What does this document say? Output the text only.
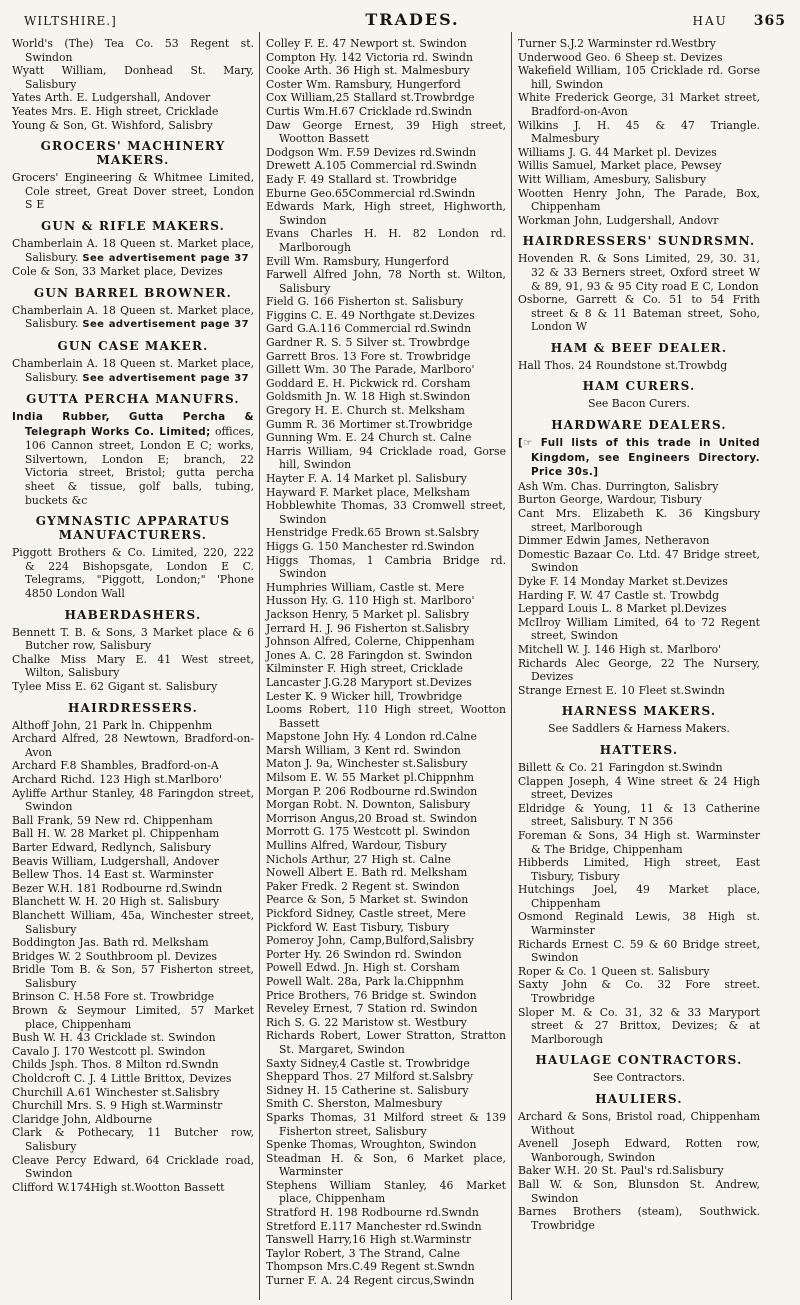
WILTSHIRE.]	TRADES.	HAU 365
World's (The) Tea Co. 53 Regent st. Swindon
Wyatt William, Donhead St. Mary, Salisbury
Yates Arth. E. Ludgershall, Andover
Yeates Mrs. E. High street, Cricklade
Young & Son, Gt. Wishford, Salisbry
GROCERS' MACHINERY MAKERS.
Grocers' Engineering & Whitmee Limited, Cole street, Great Dover street, London S E
GUN & RIFLE MAKERS.
Chamberlain A. 18 Queen st. Market place, Salisbury. See advertisement page 37
Cole & Son, 33 Market place, Devizes
GUN BARREL BROWNER.
Chamberlain A. 18 Queen st. Market place, Salisbury. See advertisement page 37
GUN CASE MAKER.
Chamberlain A. 18 Queen st. Market place, Salisbury. See advertisement page 37
GUTTA PERCHA MANUFRS.
India Rubber, Gutta Percha & Telegraph Works Co. Limited; offices, 106 Cannon street, London E C; works, Silvertown, London E; branch, 22 Victoria street, Bristol; gutta percha sheet & tissue, golf balls, tubing, buckets &c
GYMNASTIC APPARATUS MANUFACTURERS.
Piggott Brothers & Co. Limited, 220, 222 & 224 Bishopsgate, London E C. Telegrams, "Piggott, London;" 'Phone 4850 London Wall
HABERDASHERS.
Bennett T. B. & Sons, 3 Market place & 6 Butcher row, Salisbury
Chalke Miss Mary E. 41 West street, Wilton, Salisbury
Tylee Miss E. 62 Gigant st. Salisbury
HAIRDRESSERS.
Althoff John, 21 Park ln. Chippenhm
Archard Alfred, 28 Newtown, Bradford-on-Avon
Archard F.8 Shambles, Bradford-on-A
Archard Richd. 123 High st.Marlboro'
Ayliffe Arthur Stanley, 48 Faringdon street, Swindon
Ball Frank, 59 New rd. Chippenham
Ball H. W. 28 Market pl. Chippenham
Barter Edward, Redlynch, Salisbury
Beavis William, Ludgershall, Andover
Bellew Thos. 14 East st. Warminster
Bezer W.H. 181 Rodbourne rd.Swindn
Blanchett W. H. 20 High st. Salisbury
Blanchett William, 45a, Winchester street, Salisbury
Boddington Jas. Bath rd. Melksham
Bridges W. 2 Southbroom pl. Devizes
Bridle Tom B. & Son, 57 Fisherton street, Salisbury
Brinson C. H.58 Fore st. Trowbridge
Brown & Seymour Limited, 57 Market place, Chippenham
Bush W. H. 43 Cricklade st. Swindon
Cavalo J. 170 Westcott pl. Swindon
Childs Jsph. Thos. 8 Milton rd.Swndn
Choldcroft C. J. 4 Little Brittox, Devizes
Churchill A.61 Winchester st.Salisbry
Churchill Mrs. S. 9 High st.Warminstr
Claridge John, Aldbourne
Clark & Pothecary, 11 Butcher row, Salisbury
Cleave Percy Edward, 64 Cricklade road, Swindon
Clifford W.174High st.Wootton Bassett
Colley F. E. 47 Newport st. Swindon
Compton Hy. 142 Victoria rd. Swindn
Cooke Arth. 36 High st. Malmesbury
Coster Wm. Ramsbury, Hungerford
Cox William,25 Stallard st.Trowbrdge
Curtis Wm.H.67 Cricklade rd.Swindn
Daw George Ernest, 39 High street, Wootton Bassett
Dodgson Wm. F.59 Devizes rd.Swindn
Drewett A.105 Commercial rd.Swindn
Eady F. 49 Stallard st. Trowbridge
Eburne Geo.65Commercial rd.Swindn
Edwards Mark, High street, Highworth, Swindon
Evans Charles H. H. 82 London rd. Marlborough
Evill Wm. Ramsbury, Hungerford
Farwell Alfred John, 78 North st. Wilton, Salisbury
Field G. 166 Fisherton st. Salisbury
Figgins C. E. 49 Northgate st.Devizes
Gard G.A.116 Commercial rd.Swindn
Gardner R. S. 5 Silver st. Trowbrdge
Garrett Bros. 13 Fore st. Trowbridge
Gillett Wm. 30 The Parade, Marlboro'
Goddard E. H. Pickwick rd. Corsham
Goldsmith Jn. W. 18 High st.Swindon
Gregory H. E. Church st. Melksham
Gumm R. 36 Mortimer st.Trowbridge
Gunning Wm. E. 24 Church st. Calne
Harris William, 94 Cricklade road, Gorse hill, Swindon
Hayter F. A. 14 Market pl. Salisbury
Hayward F. Market place, Melksham
Hobblewhite Thomas, 33 Cromwell street, Swindon
Henstridge Fredk.65 Brown st.Salsbry
Higgs G. 150 Manchester rd.Swindon
Higgs Thomas, 1 Cambria Bridge rd. Swindon
Humphries William, Castle st. Mere
Husson Hy. G. 110 High st. Marlboro'
Jackson Henry, 5 Market pl. Salisbry
Jerrard H. J. 96 Fisherton st.Salisbry
Johnson Alfred, Colerne, Chippenham
Jones A. C. 28 Faringdon st. Swindon
Kilminster F. High street, Cricklade
Lancaster J.G.28 Maryport st.Devizes
Lester K. 9 Wicker hill, Trowbridge
Looms Robert, 110 High street, Wootton Bassett
Mapstone John Hy. 4 London rd.Calne
Marsh William, 3 Kent rd. Swindon
Maton J. 9a, Winchester st.Salisbury
Milsom E. W. 55 Market pl.Chippnhm
Morgan P. 206 Rodbourne rd.Swindon
Morgan Robt. N. Downton, Salisbury
Morrison Angus,20 Broad st. Swindon
Morrott G. 175 Westcott pl. Swindon
Mullins Alfred, Wardour, Tisbury
Nichols Arthur, 27 High st. Calne
Nowell Albert E. Bath rd. Melksham
Paker Fredk. 2 Regent st. Swindon
Pearce & Son, 5 Market st. Swindon
Pickford Sidney, Castle street, Mere
Pickford W. East Tisbury, Tisbury
Pomeroy John, Camp,Bulford,Salisbry
Porter Hy. 26 Swindon rd. Swindon
Powell Edwd. Jn. High st. Corsham
Powell Walt. 28a, Park la.Chippnhm
Price Brothers, 76 Bridge st. Swindon
Reveley Ernest, 7 Station rd. Swindon
Rich S. G. 22 Maristow st. Westbury
Richards Robert, Lower Stratton, Stratton St. Margaret, Swindon
Saxty Sidney,4 Castle st. Trowbridge
Sheppard Thos. 27 Milford st.Salsbry
Sidney H. 15 Catherine st. Salisbury
Smith C. Sherston, Malmesbury
Sparks Thomas, 31 Milford street & 139 Fisherton street, Salisbury
Spenke Thomas, Wroughton, Swindon
Steadman H. & Son, 6 Market place, Warminster
Stephens William Stanley, 46 Market place, Chippenham
Stratford H. 198 Rodbourne rd.Swndn
Stretford E.117 Manchester rd.Swindn
Tanswell Harry,16 High st.Warminstr
Taylor Robert, 3 The Strand, Calne
Thompson Mrs.C.49 Regent st.Swndn
Turner F. A. 24 Regent circus,Swindn
Turner S.J.2 Warminster rd.Westbry
Underwood Geo. 6 Sheep st. Devizes
Wakefield William, 105 Cricklade rd. Gorse hill, Swindon
White Frederick George, 31 Market street, Bradford-on-Avon
Wilkins J. H. 45 & 47 Triangle. Malmesbury
Williams J. G. 44 Market pl. Devizes
Willis Samuel, Market place, Pewsey
Witt William, Amesbury, Salisbury
Wootten Henry John, The Parade, Box, Chippenham
Workman John, Ludgershall, Andovr
HAIRDRESSERS' SUNDRSMN.
Hovenden R. & Sons Limited, 29, 30. 31, 32 & 33 Berners street, Oxford street W & 89, 91, 93 & 95 City road E C, London
Osborne, Garrett & Co. 51 to 54 Frith street & 8 & 11 Bateman street, Soho, London W
HAM & BEEF DEALER.
Hall Thos. 24 Roundstone st.Trowbdg
HAM CURERS.
See Bacon Curers.
HARDWARE DEALERS.
[☞ Full lists of this trade in United Kingdom, see Engineers Directory. Price 30s.]
Ash Wm. Chas. Durrington, Salisbry
Burton George, Wardour, Tisbury
Cant Mrs. Elizabeth K. 36 Kingsbury street, Marlborough
Dimmer Edwin James, Netheravon
Domestic Bazaar Co. Ltd. 47 Bridge street, Swindon
Dyke F. 14 Monday Market st.Devizes
Harding F. W. 47 Castle st. Trowbdg
Leppard Louis L. 8 Market pl.Devizes
McIlroy William Limited, 64 to 72 Regent street, Swindon
Mitchell W. J. 146 High st. Marlboro'
Richards Alec George, 22 The Nursery, Devizes
Strange Ernest E. 10 Fleet st.Swindn
HARNESS MAKERS.
See Saddlers & Harness Makers.
HATTERS.
Billett & Co. 21 Faringdon st.Swindn
Clappen Joseph, 4 Wine street & 24 High street, Devizes
Eldridge & Young, 11 & 13 Catherine street, Salisbury. T N 356
Foreman & Sons, 34 High st. Warminster & The Bridge, Chippenham
Hibberds Limited, High street, East Tisbury, Tisbury
Hutchings Joel, 49 Market place, Chippenham
Osmond Reginald Lewis, 38 High st. Warminster
Richards Ernest C. 59 & 60 Bridge street, Swindon
Roper & Co. 1 Queen st. Salisbury
Saxty John & Co. 32 Fore street. Trowbridge
Sloper M. & Co. 31, 32 & 33 Maryport street & 27 Brittox, Devizes; & at Marlborough
HAULAGE CONTRACTORS.
See Contractors.
HAULIERS.
Archard & Sons, Bristol road, Chippenham Without
Avenell Joseph Edward, Rotten row, Wanborough, Swindon
Baker W.H. 20 St. Paul's rd.Salisbury
Ball W. & Son, Blunsdon St. Andrew, Swindon
Barnes Brothers (steam), Southwick. Trowbridge
